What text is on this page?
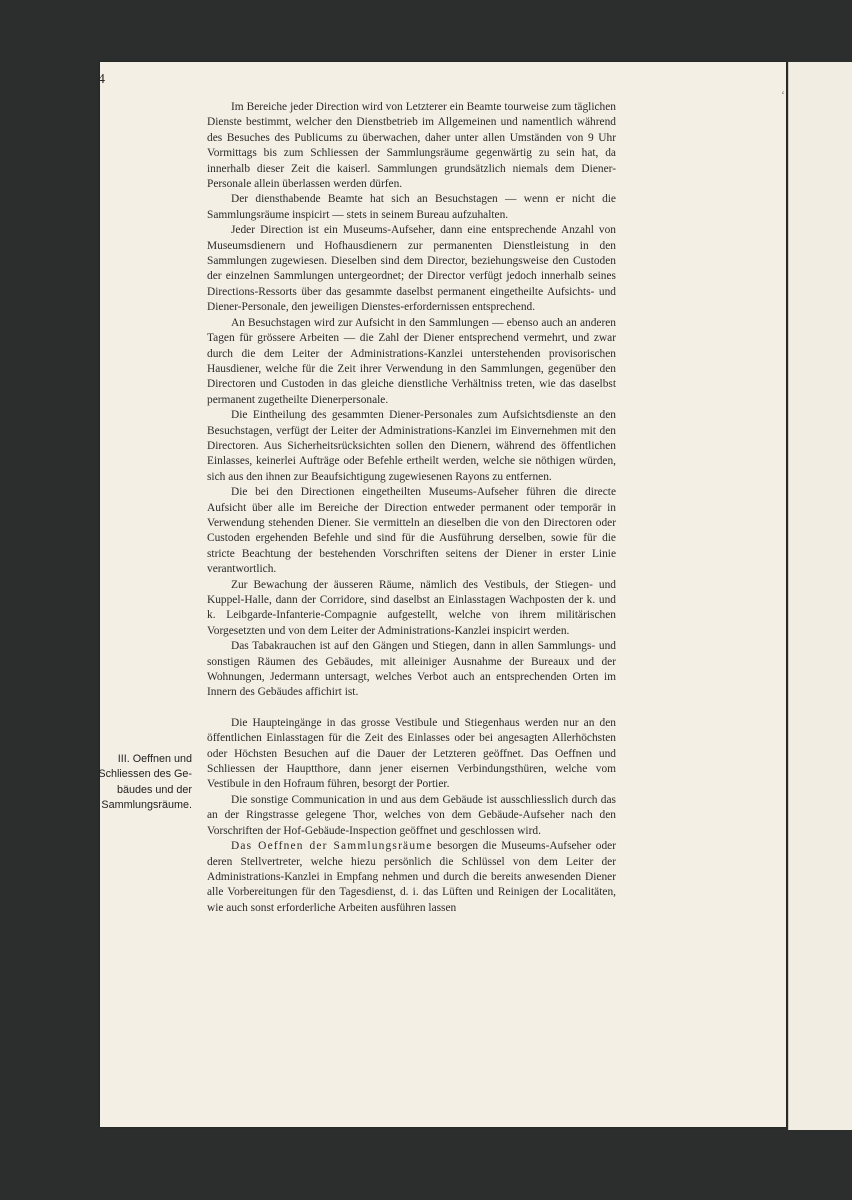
ʻ
4

Im Bereiche jeder Direction wird von Letzterer ein Beamte tourweise zum täglichen Dienste bestimmt, welcher den Dienstbetrieb im Allgemeinen und namentlich während des Besuches des Publicums zu überwachen, daher unter allen Umständen von 9 Uhr Vormittags bis zum Schliessen der Sammlungsräume gegenwärtig zu sein hat, da innerhalb dieser Zeit die kaiserl. Sammlungen grundsätzlich niemals dem Diener-Personale allein überlassen werden dürfen.

Der diensthabende Beamte hat sich an Besuchstagen — wenn er nicht die Sammlungsräume inspicirt — stets in seinem Bureau aufzuhalten.

Jeder Direction ist ein Museums-Aufseher, dann eine entsprechende Anzahl von Museumsdienern und Hofhausdienern zur permanenten Dienstleistung in den Sammlungen zugewiesen. Dieselben sind dem Director, beziehungsweise den Custoden der einzelnen Sammlungen untergeordnet; der Director verfügt jedoch innerhalb seines Directions-Ressorts über das gesammte daselbst permanent eingetheilte Aufsichts- und Diener-Personale, den jeweiligen Dienstes-erfordernissen entsprechend.

An Besuchstagen wird zur Aufsicht in den Sammlungen — ebenso auch an anderen Tagen für grössere Arbeiten — die Zahl der Diener entsprechend vermehrt, und zwar durch die dem Leiter der Administrations-Kanzlei unterstehenden provisorischen Hausdiener, welche für die Zeit ihrer Verwendung in den Sammlungen, gegenüber den Directoren und Custoden in das gleiche dienstliche Verhältniss treten, wie das daselbst permanent zugetheilte Dienerpersonale.

Die Eintheilung des gesammten Diener-Personales zum Aufsichtsdienste an den Besuchstagen, verfügt der Leiter der Administrations-Kanzlei im Einvernehmen mit den Directoren. Aus Sicherheitsrücksichten sollen den Dienern, während des öffentlichen Einlasses, keinerlei Aufträge oder Befehle ertheilt werden, welche sie nöthigen würden, sich aus den ihnen zur Beaufsichtigung zugewiesenen Rayons zu entfernen.

Die bei den Directionen eingetheilten Museums-Aufseher führen die directe Aufsicht über alle im Bereiche der Direction entweder permanent oder temporär in Verwendung stehenden Diener. Sie vermitteln an dieselben die von den Directoren oder Custoden ergehenden Befehle und sind für die Ausführung derselben, sowie für die stricte Beachtung der bestehenden Vorschriften seitens der Diener in erster Linie verantwortlich.

Zur Bewachung der äusseren Räume, nämlich des Vestibuls, der Stiegen- und Kuppel-Halle, dann der Corridore, sind daselbst an Einlasstagen Wachposten der k. und k. Leibgarde-Infanterie-Compagnie aufgestellt, welche von ihrem militärischen Vorgesetzten und von dem Leiter der Administrations-Kanzlei inspicirt werden.

Das Tabakrauchen ist auf den Gängen und Stiegen, dann in allen Sammlungs- und sonstigen Räumen des Gebäudes, mit alleiniger Ausnahme der Bureaux und der Wohnungen, Jedermann untersagt, welches Verbot auch an entsprechenden Orten im Innern des Gebäudes affichirt ist.

Die Haupteingänge in das grosse Vestibule und Stiegenhaus werden nur an den öffentlichen Einlasstagen für die Zeit des Einlasses oder bei angesagten Allerhöchsten oder Höchsten Besuchen auf die Dauer der Letzteren geöffnet. Das Oeffnen und Schliessen der Hauptthore, dann jener eisernen Verbindungsthüren, welche vom Vestibule in den Hofraum führen, besorgt der Portier.

Die sonstige Communication in und aus dem Gebäude ist ausschliesslich durch das an der Ringstrasse gelegene Thor, welches von dem Gebäude-Aufseher nach den Vorschriften der Hof-Gebäude-Inspection geöffnet und geschlossen wird.

Das Oeffnen der Sammlungsräume besorgen die Museums-Aufseher oder deren Stellvertreter, welche hiezu persönlich die Schlüssel von dem Leiter der Administrations-Kanzlei in Empfang nehmen und durch die bereits anwesenden Diener alle Vorbereitungen für den Tagesdienst, d. i. das Lüften und Reinigen der Localitäten, wie auch sonst erforderliche Arbeiten ausführen lassen

III. Oeffnen und
Schliessen des Ge-
bäudes und der
Sammlungsräume.
